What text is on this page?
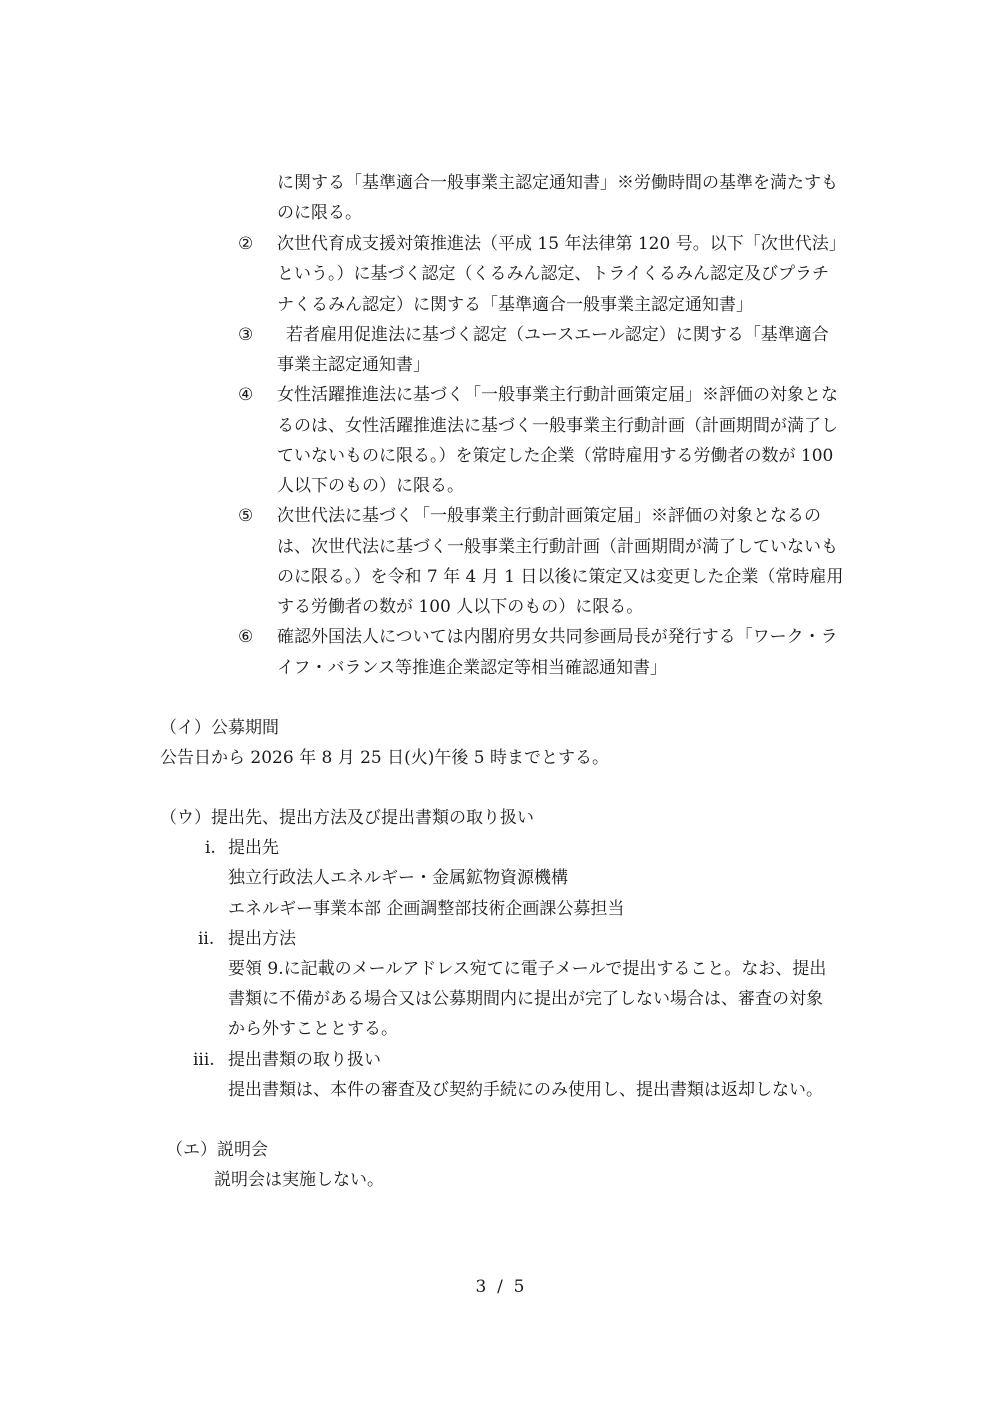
に関する「基準適合一般事業主認定通知書」※労働時間の基準を満たすも
のに限る。
② 次世代育成支援対策推進法（平成 15 年法律第 120 号。以下「次世代法」
という。）に基づく認定（くるみん認定、トライくるみん認定及びプラチ
ナくるみん認定）に関する「基準適合一般事業主認定通知書」
③ 若者雇用促進法に基づく認定（ユースエール認定）に関する「基準適合
事業主認定通知書」
④ 女性活躍推進法に基づく「一般事業主行動計画策定届」※評価の対象とな
るのは、女性活躍推進法に基づく一般事業主行動計画（計画期間が満了し
ていないものに限る。）を策定した企業（常時雇用する労働者の数が 100
人以下のもの）に限る。
⑤ 次世代法に基づく「一般事業主行動計画策定届」※評価の対象となるの
は、次世代法に基づく一般事業主行動計画（計画期間が満了していないも
のに限る。）を令和 7 年 4 月 1 日以後に策定又は変更した企業（常時雇用
する労働者の数が 100 人以下のもの）に限る。
⑥ 確認外国法人については内閣府男女共同参画局長が発行する「ワーク・ラ
イフ・バランス等推進企業認定等相当確認通知書」
（イ）公募期間
公告日から 2026 年 8 月 25 日(火)午後 5 時までとする。
（ウ）提出先、提出方法及び提出書類の取り扱い
i. 提出先
独立行政法人エネルギー・金属鉱物資源機構
エネルギー事業本部 企画調整部技術企画課公募担当
ii. 提出方法
要領 9.に記載のメールアドレス宛てに電子メールで提出すること。なお、提出
書類に不備がある場合又は公募期間内に提出が完了しない場合は、審査の対象
から外すこととする。
iii. 提出書類の取り扱い
提出書類は、本件の審査及び契約手続にのみ使用し、提出書類は返却しない。
（エ）説明会
説明会は実施しない。
3  /  5
